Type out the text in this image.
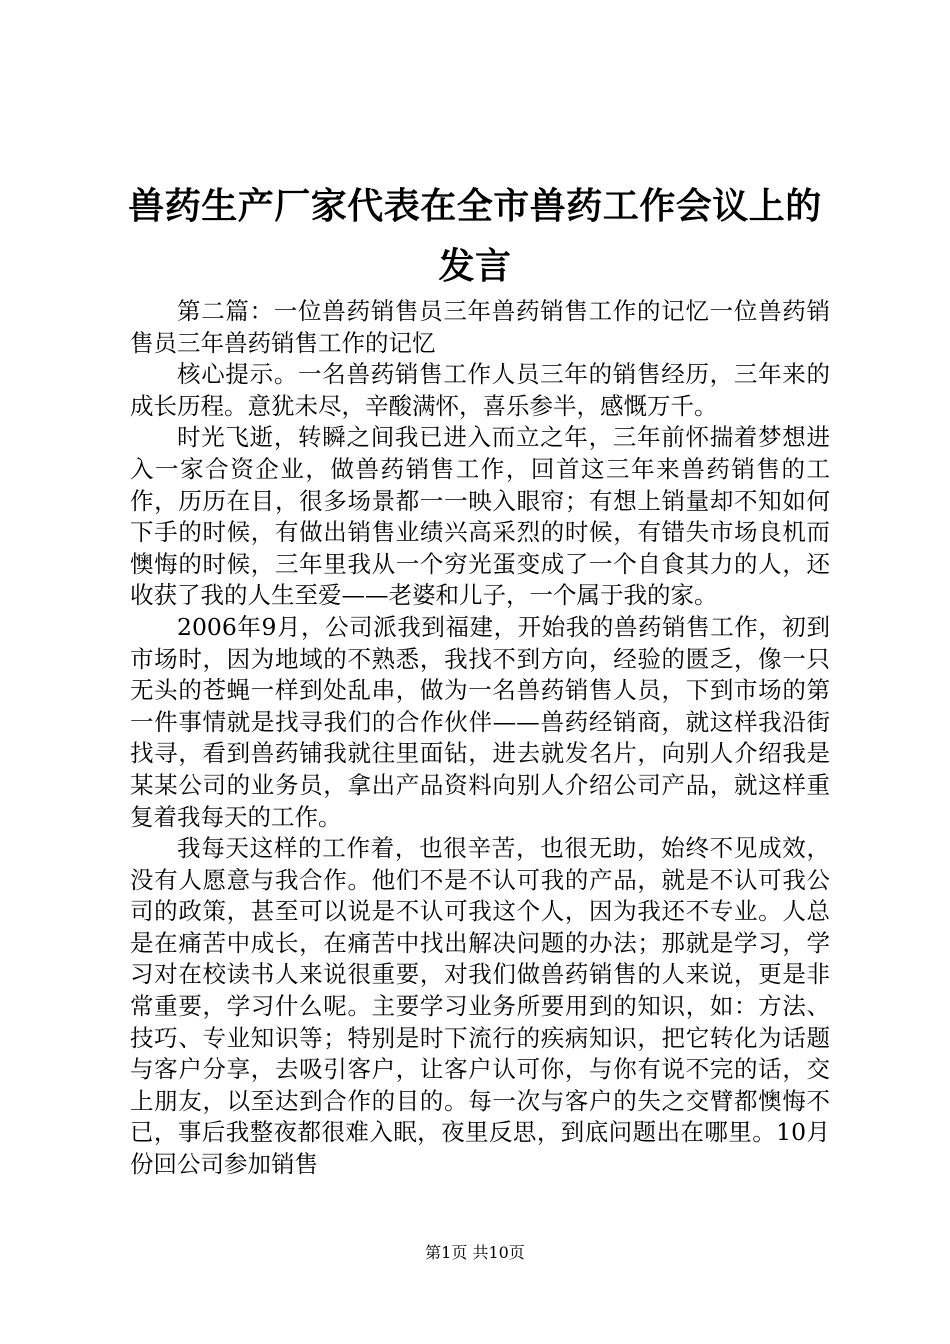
兽药生产厂家代表在全市兽药工作会议上的发言

第二篇：一位兽药销售员三年兽药销售工作的记忆一位兽药销售员三年兽药销售工作的记忆

核心提示。一名兽药销售工作人员三年的销售经历，三年来的成长历程。意犹未尽，辛酸满怀，喜乐参半，感慨万千。

时光飞逝，转瞬之间我已进入而立之年，三年前怀揣着梦想进入一家合资企业，做兽药销售工作，回首这三年来兽药销售的工作，历历在目，很多场景都一一映入眼帘；有想上销量却不知如何下手的时候，有做出销售业绩兴高采烈的时候，有错失市场良机而懊悔的时候，三年里我从一个穷光蛋变成了一个自食其力的人，还收获了我的人生至爱——老婆和儿子，一个属于我的家。

2006年9月，公司派我到福建，开始我的兽药销售工作，初到市场时，因为地域的不熟悉，我找不到方向，经验的匮乏，像一只无头的苍蝇一样到处乱串，做为一名兽药销售人员，下到市场的第一件事情就是找寻我们的合作伙伴——兽药经销商，就这样我沿街找寻，看到兽药铺我就往里面钻，进去就发名片，向别人介绍我是某某公司的业务员，拿出产品资料向别人介绍公司产品，就这样重复着我每天的工作。

我每天这样的工作着，也很辛苦，也很无助，始终不见成效，没有人愿意与我合作。他们不是不认可我的产品，就是不认可我公司的政策，甚至可以说是不认可我这个人，因为我还不专业。人总是在痛苦中成长，在痛苦中找出解决问题的办法；那就是学习，学习对在校读书人来说很重要，对我们做兽药销售的人来说，更是非常重要，学习什么呢。主要学习业务所要用到的知识，如：方法、技巧、专业知识等；特别是时下流行的疾病知识，把它转化为话题与客户分享，去吸引客户，让客户认可你，与你有说不完的话，交上朋友，以至达到合作的目的。每一次与客户的失之交臂都懊悔不已，事后我整夜都很难入眠，夜里反思，到底问题出在哪里。10月份回公司参加销售

第1页 共10页
